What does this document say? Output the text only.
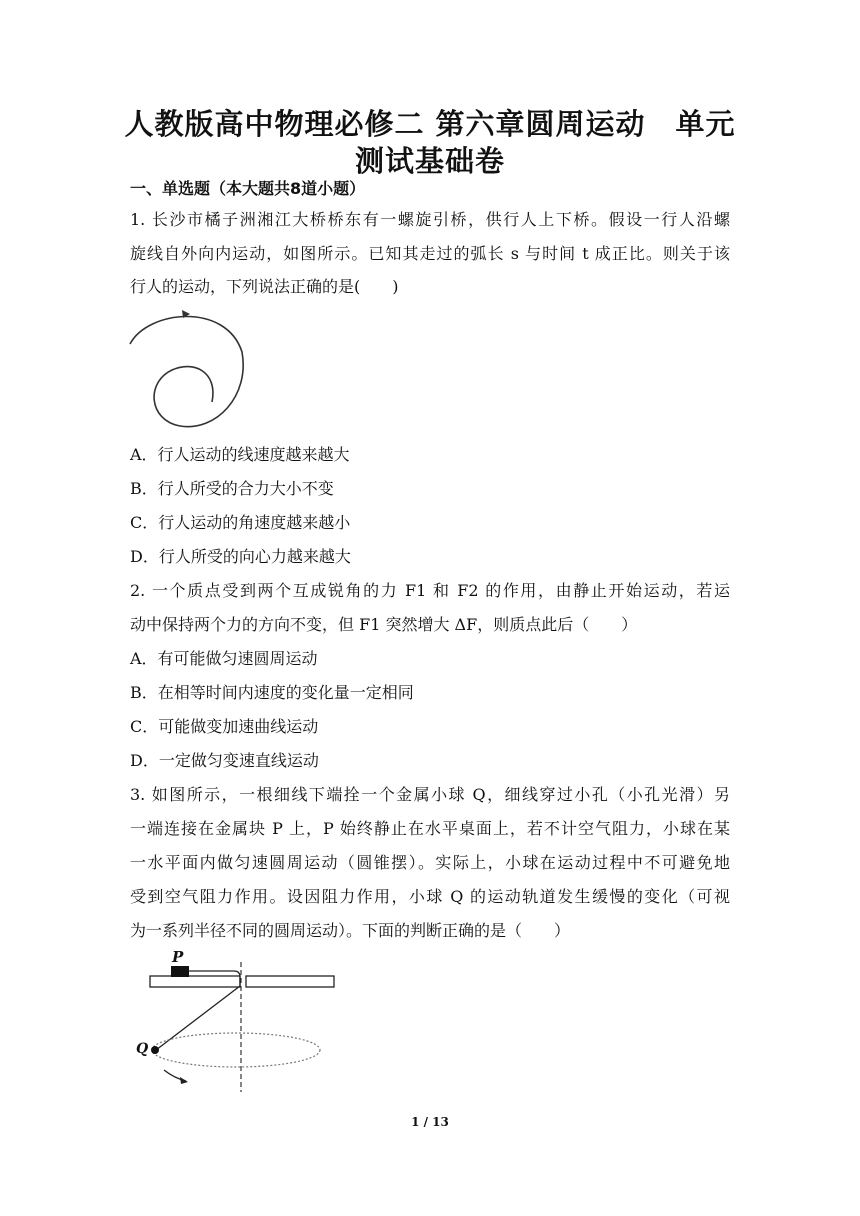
人教版高中物理必修二 第六章圆周运动　单元
测试基础卷
一、单选题（本大题共8道小题）
1. 长沙市橘子洲湘江大桥桥东有一螺旋引桥，供行人上下桥。假设一行人沿螺
旋线自外向内运动，如图所示。已知其走过的弧长 s 与时间 t 成正比。则关于该
行人的运动，下列说法正确的是(　　)
A．行人运动的线速度越来越大
B．行人所受的合力大小不变
C．行人运动的角速度越来越小
D．行人所受的向心力越来越大
2. 一个质点受到两个互成锐角的力 F1 和 F2 的作用，由静止开始运动，若运
动中保持两个力的方向不变，但 F1 突然增大 ΔF，则质点此后（　　）
A．有可能做匀速圆周运动
B．在相等时间内速度的变化量一定相同
C．可能做变加速曲线运动
D．一定做匀变速直线运动
3. 如图所示，一根细线下端拴一个金属小球 Q，细线穿过小孔（小孔光滑）另
一端连接在金属块 P 上，P 始终静止在水平桌面上，若不计空气阻力，小球在某
一水平面内做匀速圆周运动（圆锥摆）。实际上，小球在运动过程中不可避免地
受到空气阻力作用。设因阻力作用，小球 Q 的运动轨道发生缓慢的变化（可视
为一系列半径不同的圆周运动）。下面的判断正确的是（　　）
P
Q
1 / 13
